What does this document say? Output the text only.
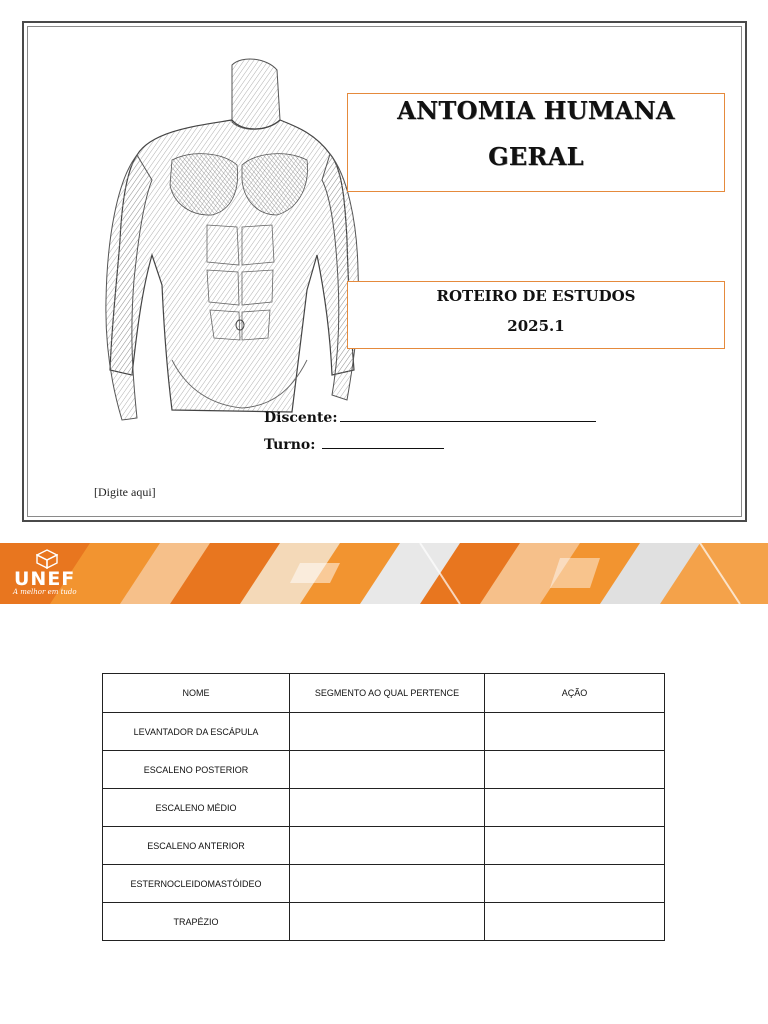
ANTOMIA HUMANA
GERAL
ROTEIRO DE ESTUDOS
2025.1
Discente:
Turno:
[Digite aqui]
UNEF
A melhor em tudo
NOME	SEGMENTO AO QUAL PERTENCE	AÇÃO
LEVANTADOR DA ESCÁPULA		
ESCALENO POSTERIOR		
ESCALENO MÉDIO		
ESCALENO ANTERIOR		
ESTERNOCLEIDOMASTÓIDEO		
TRAPÉZIO		
